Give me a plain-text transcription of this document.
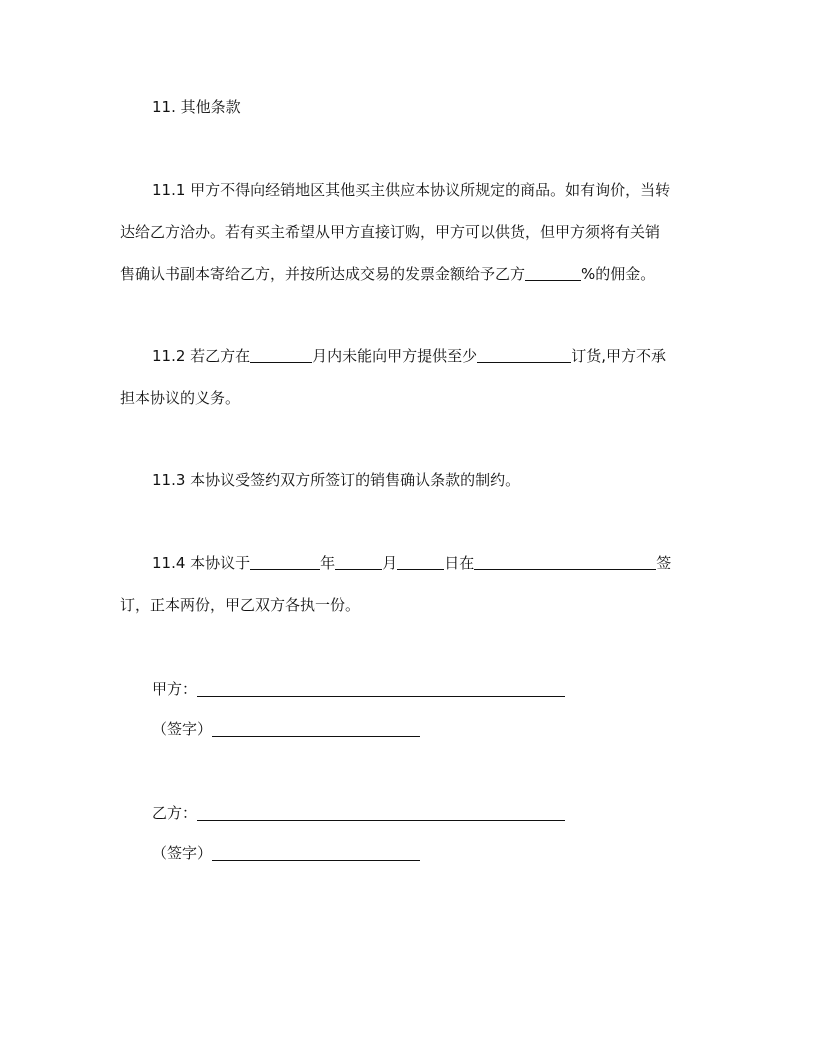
11. 其他条款
11.1 甲方不得向经销地区其他买主供应本协议所规定的商品。如有询价，当转
达给乙方洽办。若有买主希望从甲方直接订购，甲方可以供货，但甲方须将有关销
售确认书副本寄给乙方，并按所达成交易的发票金额给予乙方	%的佣金。
11.2 若乙方在	月内未能向甲方提供至少	订货,甲方不承
担本协议的义务。
11.3 本协议受签约双方所签订的销售确认条款的制约。
11.4 本协议于	年	月	日在	签
订，正本两份，甲乙双方各执一份。
甲方：
（签字）
乙方：
（签字）
